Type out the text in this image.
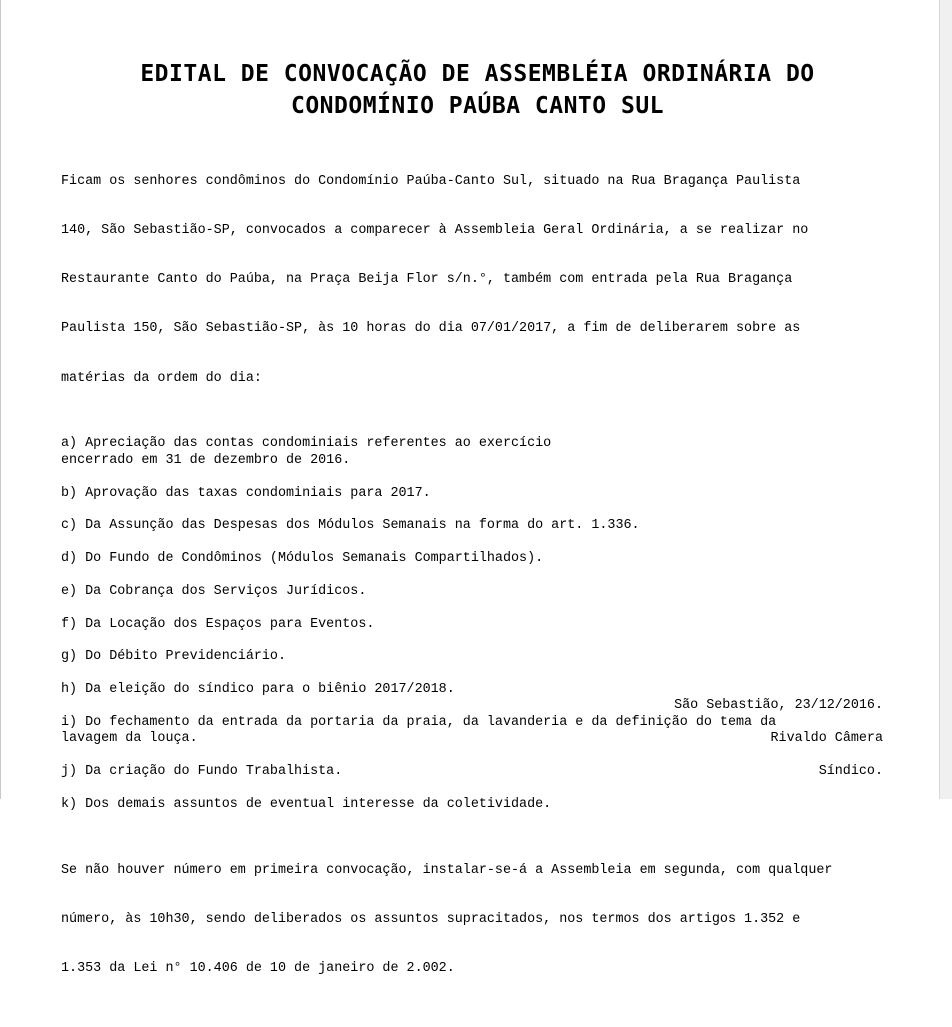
EDITAL DE CONVOCAÇÃO DE ASSEMBLÉIA ORDINÁRIA DO
CONDOMÍNIO PAÚBA CANTO SUL

Ficam os senhores condôminos do Condomínio Paúba-Canto Sul, situado na Rua Bragança Paulista

140, São Sebastião-SP, convocados a comparecer à Assembleia Geral Ordinária, a se realizar no

Restaurante Canto do Paúba, na Praça Beija Flor s/n.°, também com entrada pela Rua Bragança

Paulista 150, São Sebastião-SP, às 10 horas do dia 07/01/2017, a fim de deliberarem sobre as

matérias da ordem do dia:

a) Apreciação das contas condominiais referentes ao exercício
encerrado em 31 de dezembro de 2016.
b) Aprovação das taxas condominiais para 2017.
c) Da Assunção das Despesas dos Módulos Semanais na forma do art. 1.336.
d) Do Fundo de Condôminos (Módulos Semanais Compartilhados).
e) Da Cobrança dos Serviços Jurídicos.
f) Da Locação dos Espaços para Eventos.
g) Do Débito Previdenciário.
h) Da eleição do síndico para o biênio 2017/2018.
i) Do fechamento da entrada da portaria da praia, da lavanderia e da definição do tema da
lavagem da louça.
j) Da criação do Fundo Trabalhista.
k) Dos demais assuntos de eventual interesse da coletividade.

Se não houver número em primeira convocação, instalar-se-á a Assembleia em segunda, com qualquer

número, às 10h30, sendo deliberados os assuntos supracitados, nos termos dos artigos 1.352 e

1.353 da Lei n° 10.406 de 10 de janeiro de 2.002.

São Sebastião, 23/12/2016.
Rivaldo Câmera
Síndico.
